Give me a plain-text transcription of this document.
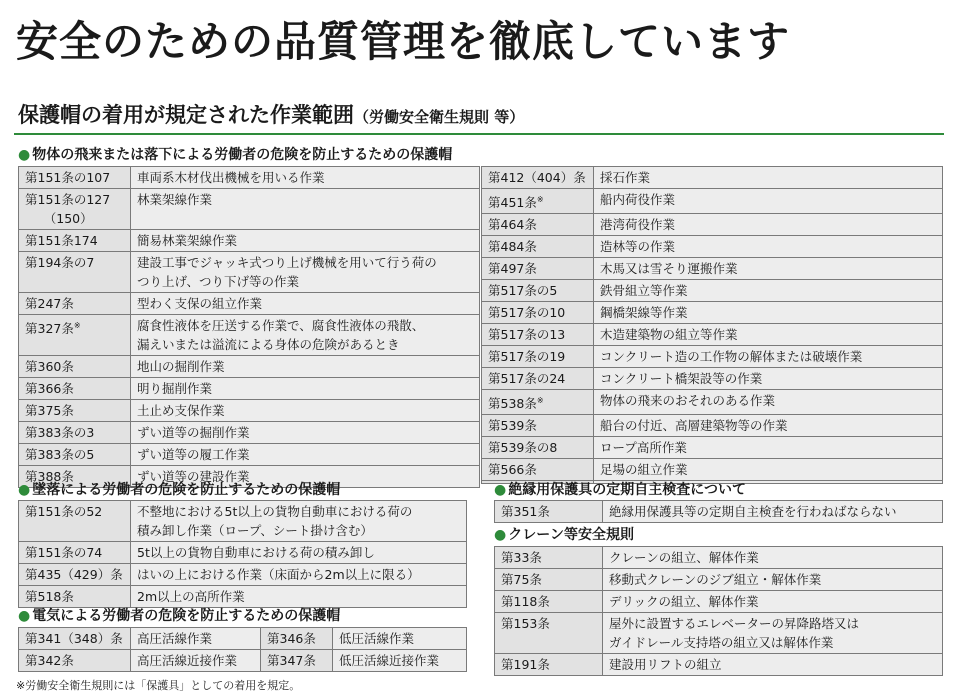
安全のための品質管理を徹底しています
保護帽の着用が規定された作業範囲（労働安全衛生規則 等）
● 物体の飛来または落下による労働者の危険を防止するための保護帽
第151条の107	車両系木材伐出機械を用いる作業
第151条の127
　　（150）	林業架線作業
第151条174	簡易林業架線作業
第194条の7	建設工事でジャッキ式つり上げ機械を用いて行う荷の
つり上げ、つり下げ等の作業
第247条	型わく支保の組立作業
第327条※	腐食性液体を圧送する作業で、腐食性液体の飛散、
漏えいまたは溢流による身体の危険があるとき
第360条	地山の掘削作業
第366条	明り掘削作業
第375条	土止め支保作業
第383条の3	ずい道等の掘削作業
第383条の5	ずい道等の履工作業
第388条	ずい道等の建設作業
第412（404）条	採石作業
第451条※	船内荷役作業
第464条	港湾荷役作業
第484条	造林等の作業
第497条	木馬又は雪そり運搬作業
第517条の5	鉄骨組立等作業
第517条の10	鋼橋架線等作業
第517条の13	木造建築物の組立等作業
第517条の19	コンクリート造の工作物の解体または破壊作業
第517条の24	コンクリート橋架設等の作業
第538条※	物体の飛来のおそれのある作業
第539条	船台の付近、高層建築物等の作業
第539条の8	ロープ高所作業
第566条	足場の組立作業

● 墜落による労働者の危険を防止するための保護帽
第151条の52	不整地における5t以上の貨物自動車における荷の
積み卸し作業（ロープ、シート掛け含む）
第151条の74	5t以上の貨物自動車における荷の積み卸し
第435（429）条	はいの上における作業（床面から2m以上に限る）
第518条	2m以上の高所作業
● 電気による労働者の危険を防止するための保護帽
第341（348）条	高圧活線作業	第346条	低圧活線作業
第342条	高圧活線近接作業	第347条	低圧活線近接作業
● 絶縁用保護具の定期自主検査について
第351条	絶縁用保護具等の定期自主検査を行わねばならない
● クレーン等安全規則
第33条	クレーンの組立、解体作業
第75条	移動式クレーンのジブ組立・解体作業
第118条	デリックの組立、解体作業
第153条	屋外に設置するエレベーターの昇降路塔又は
ガイドレール支持塔の組立又は解体作業
第191条	建設用リフトの組立
※労働安全衛生規則には「保護具」としての着用を規定。
